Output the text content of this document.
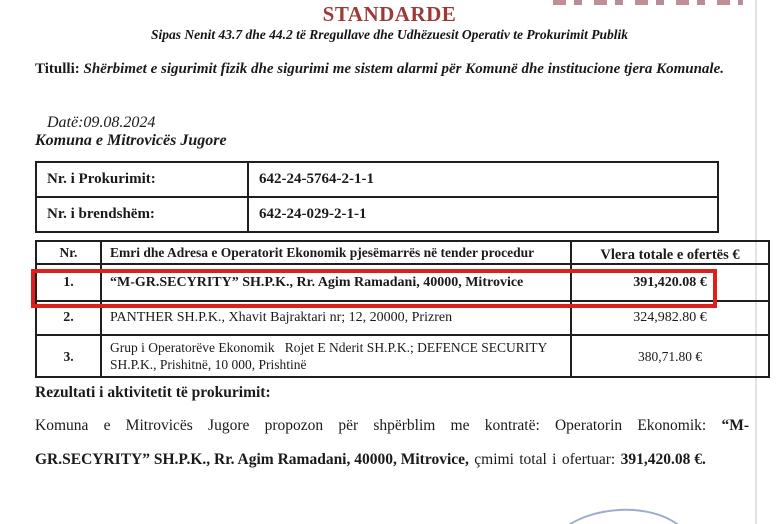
STANDARDE
Sipas Nenit 43.7 dhe 44.2 të Rregullave dhe Udhëzuesit Operativ te Prokurimit Publik
Titulli: Shërbimet e sigurimit fizik dhe sigurimi me sistem alarmi për Komunë dhe institucione tjera Komunale.
Datë:09.08.2024
Komuna e Mitrovicës Jugore
Nr. i Prokurimit:	642-24-5764-2-1-1
Nr. i brendshëm:	642-24-029-2-1-1
Nr.	Emri dhe Adresa e Operatorit Ekonomik pjesëmarrës në tender procedur	Vlera totale e ofertës €
1.	“M-GR.SECYRITY” SH.P.K., Rr. Agim Ramadani, 40000, Mitrovice	391,420.08 €
2.	PANTHER SH.P.K., Xhavit Bajraktari nr; 12, 20000, Prizren	324,982.80 €
3.	Grup i Operatorëve Ekonomik   Rojet E Nderit SH.P.K.; DEFENCE SECURITY SH.P.K., Prishitnë, 10 000, Prishtinë	380,71.80 €
Rezultati i aktivitetit të prokurimit:
Komuna e Mitrovicës Jugore propozon për shpërblim me kontratë: Operatorin Ekonomik: “M-GR.SECYRITY” SH.P.K., Rr. Agim Ramadani, 40000, Mitrovice, çmimi total i ofertuar: 391,420.08 €.
